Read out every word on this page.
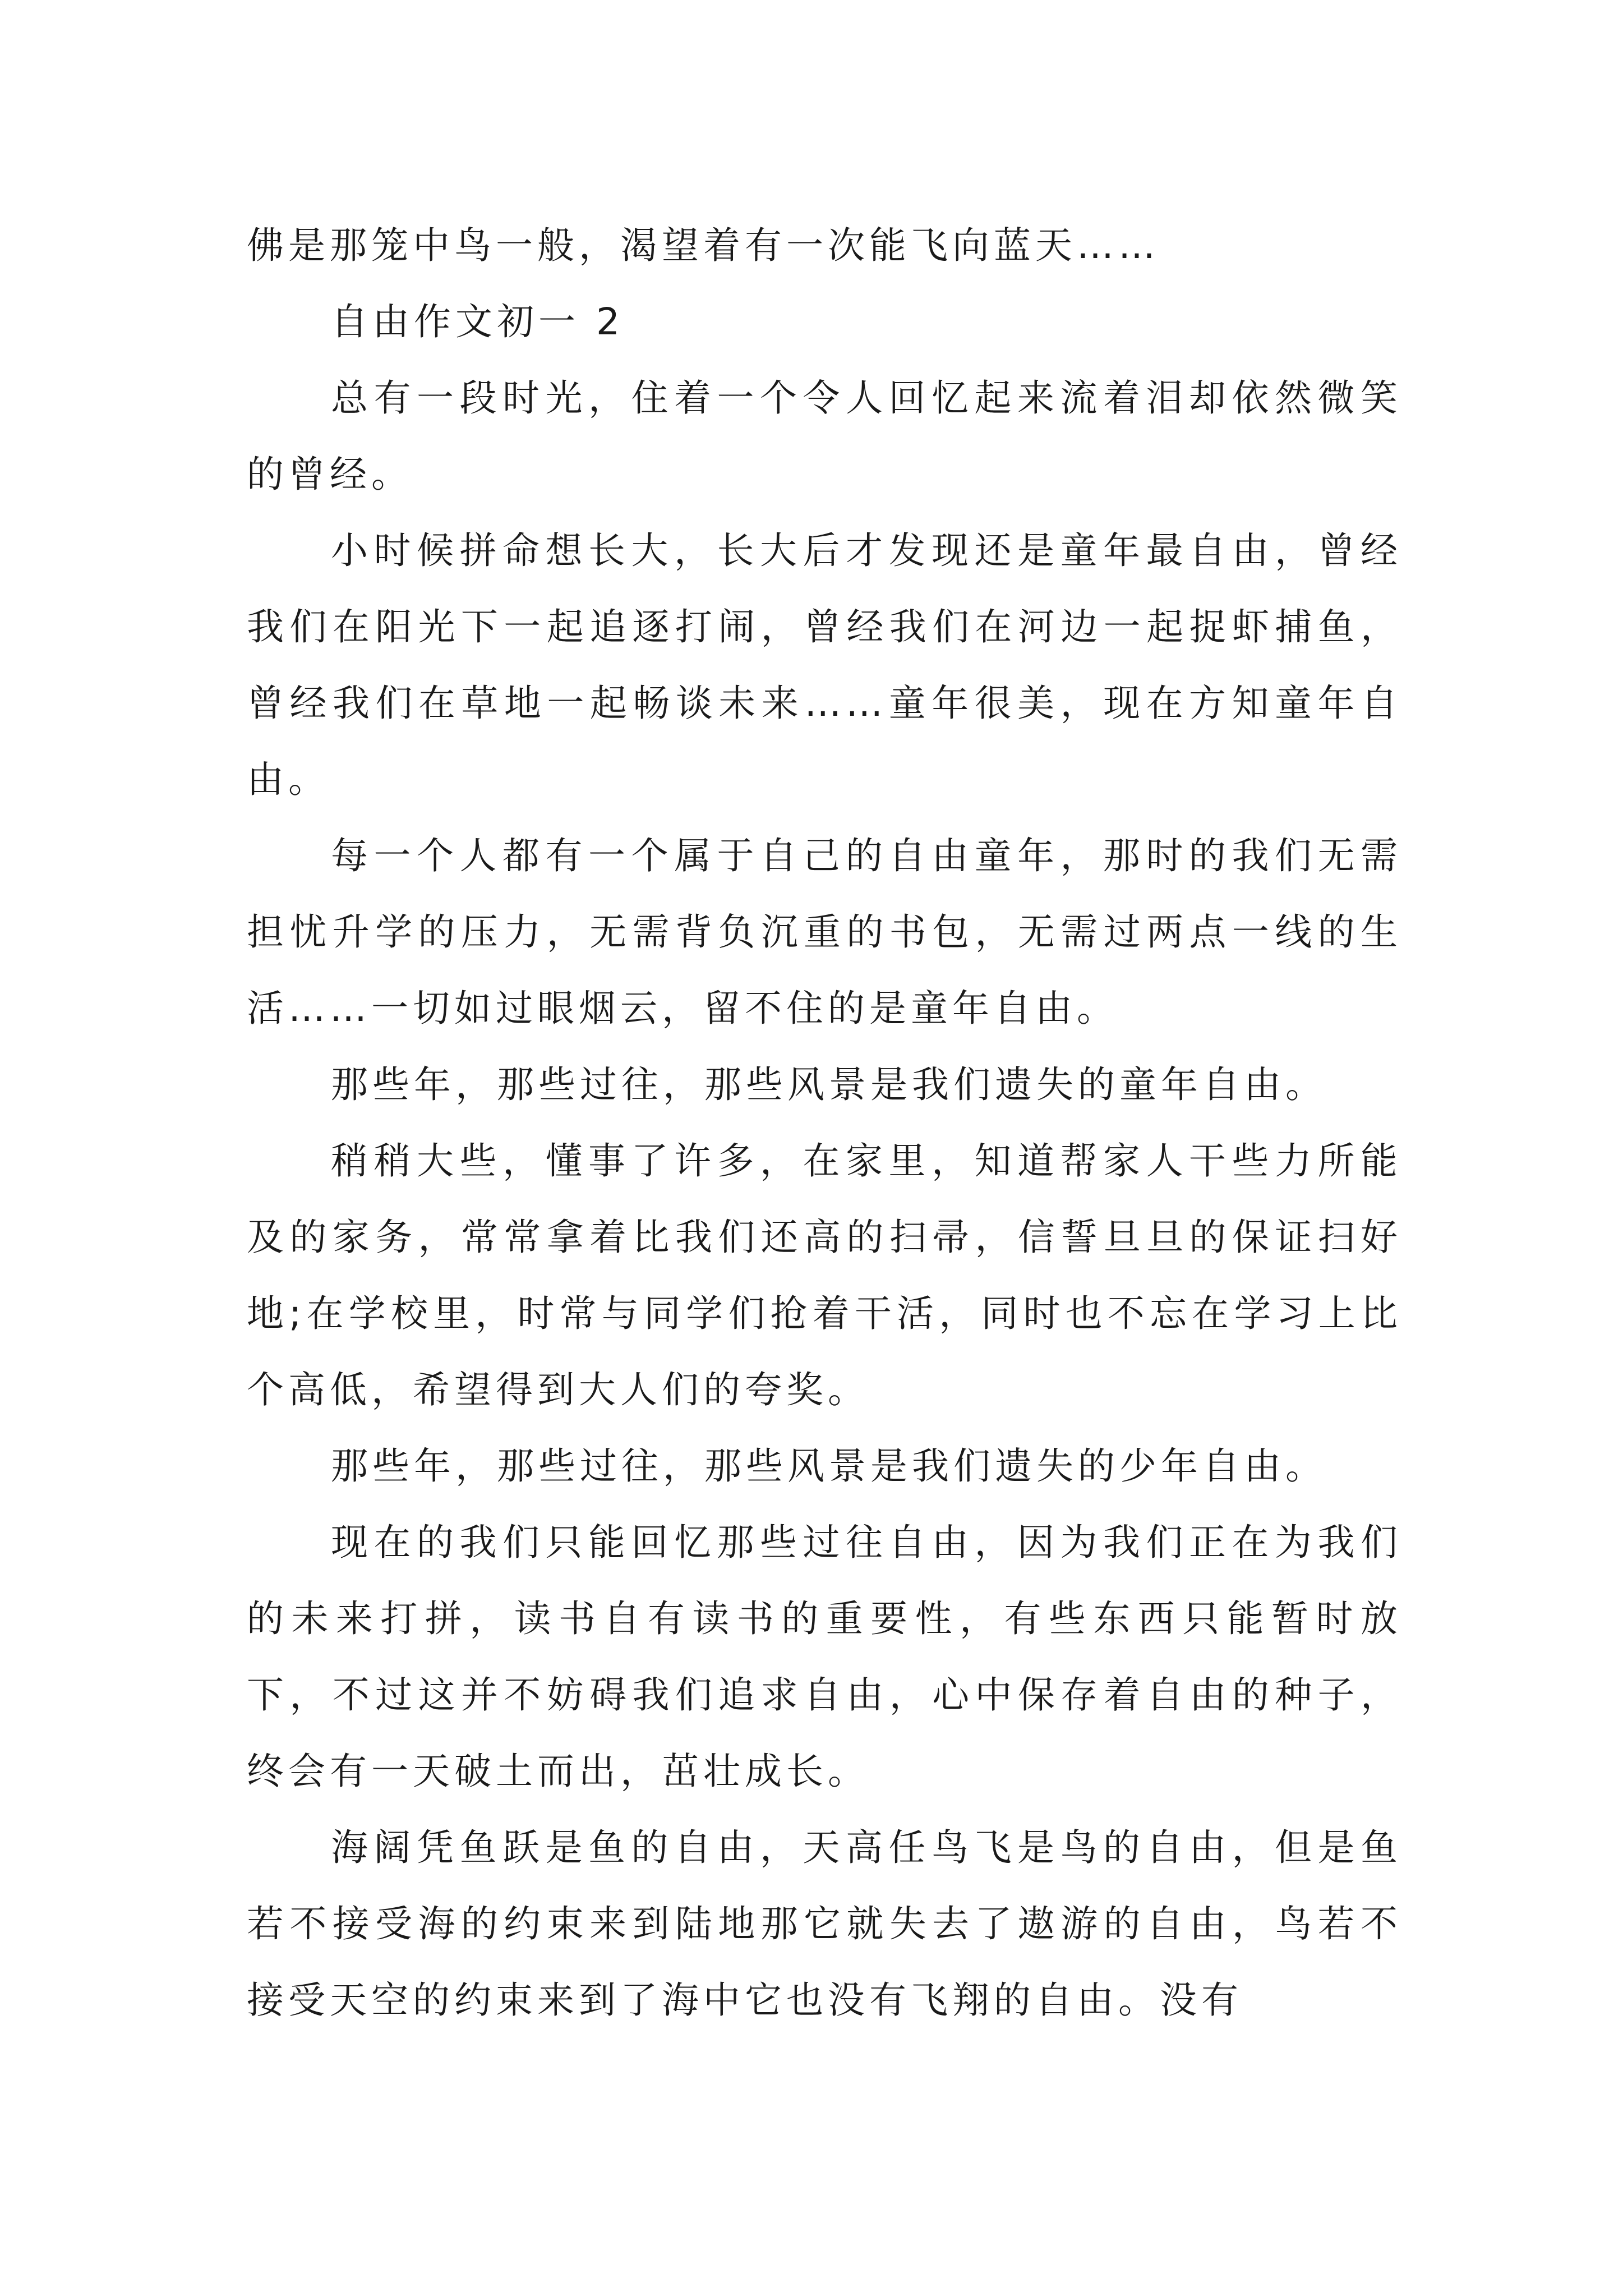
佛是那笼中鸟一般，渴望着有一次能飞向蓝天……

自由作文初一 2

总有一段时光，住着一个令人回忆起来流着泪却依然微笑的曾经。

小时候拼命想长大，长大后才发现还是童年最自由，曾经我们在阳光下一起追逐打闹，曾经我们在河边一起捉虾捕鱼，曾经我们在草地一起畅谈未来……童年很美，现在方知童年自由。

每一个人都有一个属于自己的自由童年，那时的我们无需担忧升学的压力，无需背负沉重的书包，无需过两点一线的生活……一切如过眼烟云，留不住的是童年自由。

那些年，那些过往，那些风景是我们遗失的童年自由。

稍稍大些，懂事了许多，在家里，知道帮家人干些力所能及的家务，常常拿着比我们还高的扫帚，信誓旦旦的保证扫好地;在学校里，时常与同学们抢着干活，同时也不忘在学习上比个高低，希望得到大人们的夸奖。

那些年，那些过往，那些风景是我们遗失的少年自由。

现在的我们只能回忆那些过往自由，因为我们正在为我们的未来打拼，读书自有读书的重要性，有些东西只能暂时放下，不过这并不妨碍我们追求自由，心中保存着自由的种子，终会有一天破土而出，茁壮成长。

海阔凭鱼跃是鱼的自由，天高任鸟飞是鸟的自由，但是鱼若不接受海的约束来到陆地那它就失去了遨游的自由，鸟若不接受天空的约束来到了海中它也没有飞翔的自由。没有
